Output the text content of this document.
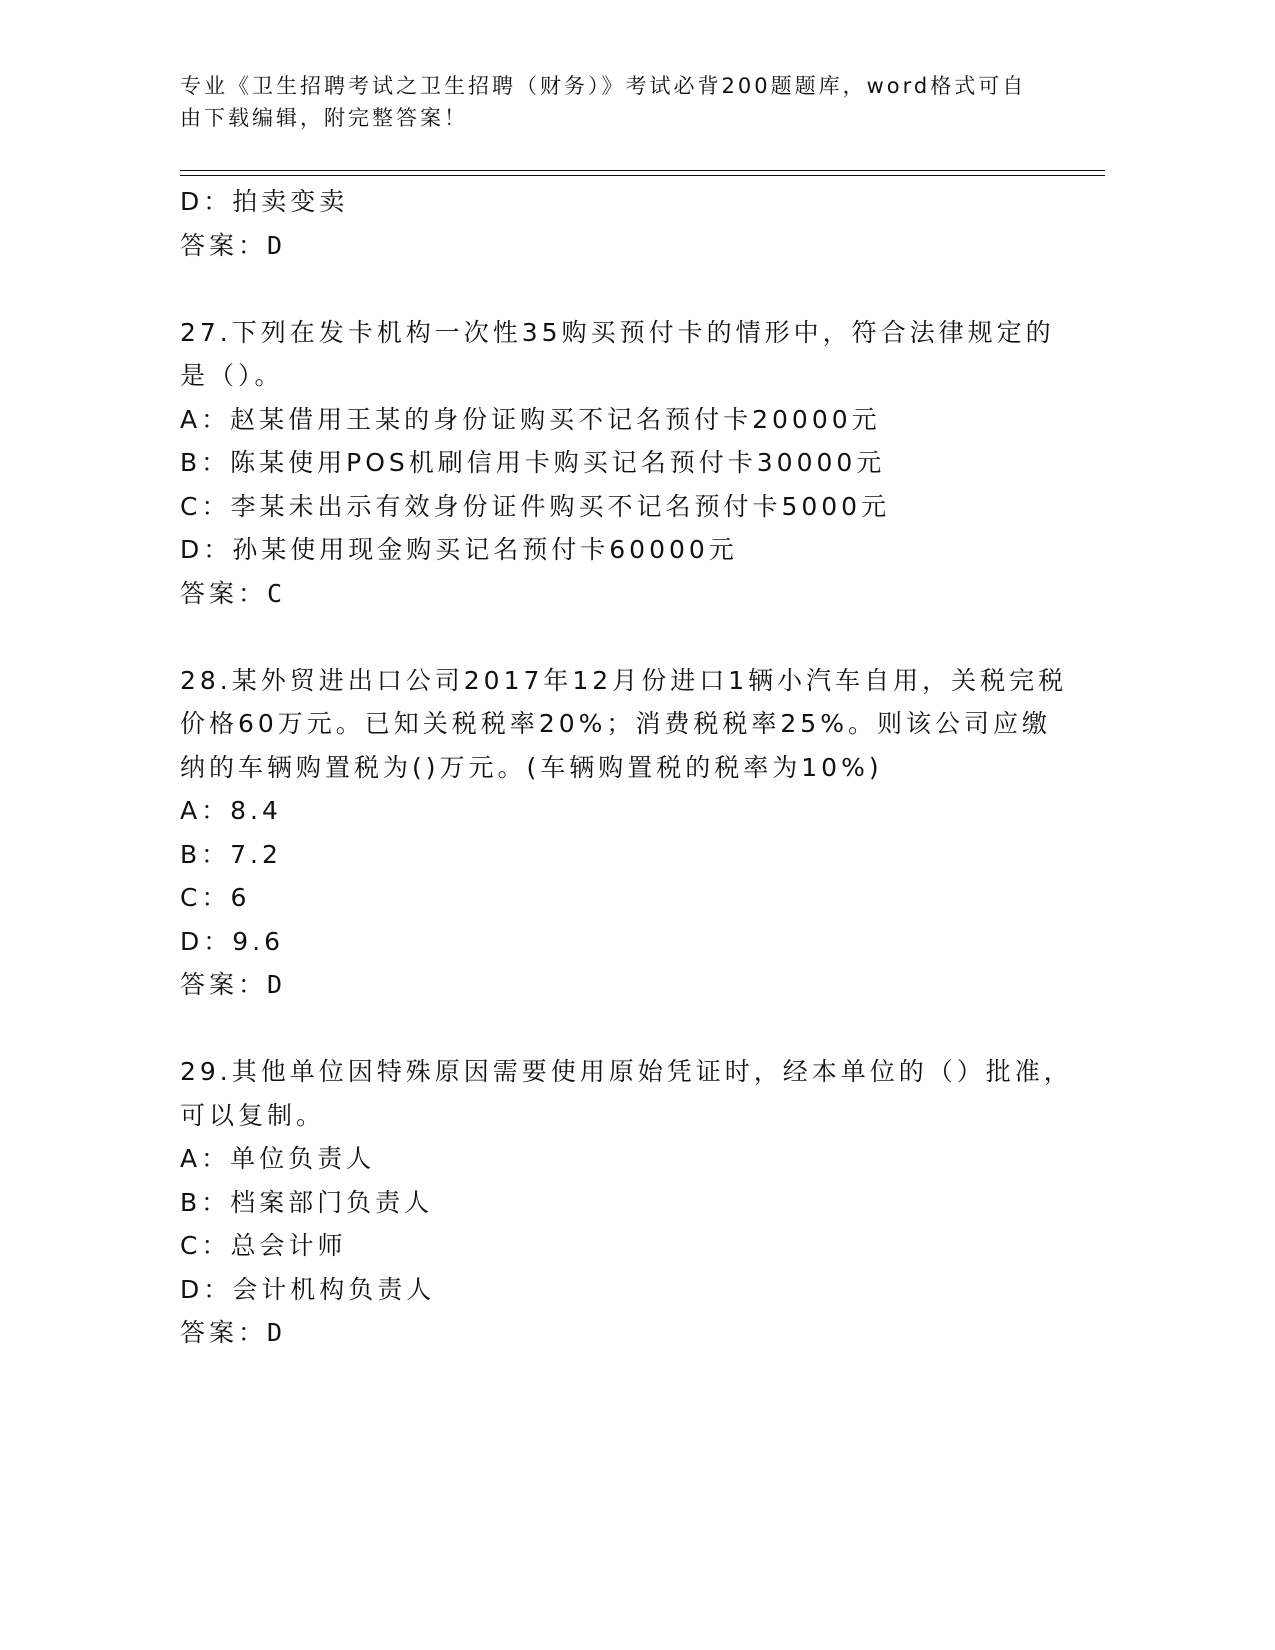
专业《卫生招聘考试之卫生招聘（财务）》考试必背200题题库，word格式可自

由下载编辑，附完整答案！

D：拍卖变卖
答案：D
27.下列在发卡机构一次性35购买预付卡的情形中，符合法律规定的
是（）。
A：赵某借用王某的身份证购买不记名预付卡20000元
B：陈某使用POS机刷信用卡购买记名预付卡30000元
C：李某未出示有效身份证件购买不记名预付卡5000元
D：孙某使用现金购买记名预付卡60000元
答案：C
28.某外贸进出口公司2017年12月份进口1辆小汽车自用，关税完税
价格60万元。已知关税税率20%；消费税税率25%。则该公司应缴
纳的车辆购置税为()万元。(车辆购置税的税率为10%)
A：8.4
B：7.2
C：6
D：9.6
答案：D
29.其他单位因特殊原因需要使用原始凭证时，经本单位的（）批准，
可以复制。
A：单位负责人
B：档案部门负责人
C：总会计师
D：会计机构负责人
答案：D
